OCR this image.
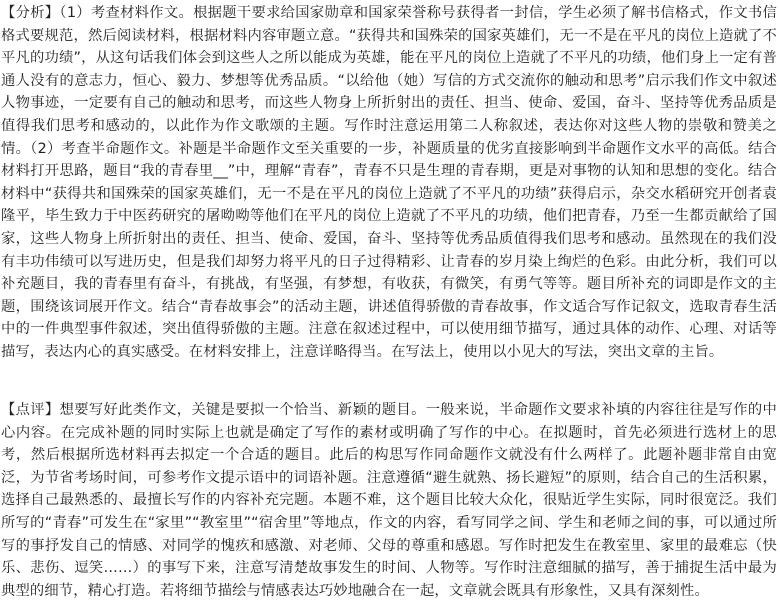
【分析】（1）考查材料作文。根据题干要求给国家勋章和国家荣誉称号获得者一封信，学生必须了解书信格式，作文书信格式要规范，然后阅读材料，根据材料内容审题立意。“获得共和国殊荣的国家英雄们，无一不是在平凡的岗位上造就了不平凡的功绩”，从这句话我们体会到这些人之所以能成为英雄，能在平凡的岗位上造就了不平凡的功绩，他们身上一定有普通人没有的意志力，恒心、毅力、梦想等优秀品质。“以给他（她）写信的方式交流你的触动和思考”启示我们作文中叙述人物事迹，一定要有自己的触动和思考，而这些人物身上所折射出的责任、担当、使命、爱国，奋斗、坚持等优秀品质是值得我们思考和感动的，以此作为作文歌颂的主题。写作时注意运用第二人称叙述，表达你对这些人物的崇敬和赞美之情。（2）考查半命题作文。补题是半命题作文至关重要的一步，补题质量的优劣直接影响到半命题作文水平的高低。结合材料打开思路，题目“我的青春里__”中，理解“青春”，青春不只是生理的青春期，更是对事物的认知和思想的变化。结合材料中“获得共和国殊荣的国家英雄们，无一不是在平凡的岗位上造就了不平凡的功绩”获得启示，杂交水稻研究开创者袁隆平，毕生致力于中医药研究的屠呦呦等他们在平凡的岗位上造就了不平凡的功绩，他们把青春，乃至一生都贡献给了国家，这些人物身上所折射出的责任、担当、使命、爱国，奋斗、坚持等优秀品质值得我们思考和感动。虽然现在的我们没有丰功伟绩可以写进历史，但是我们却努力将平凡的日子过得精彩、让青春的岁月染上绚烂的色彩。由此分析，我们可以补充题目，我的青春里有奋斗，有挑战，有坚强，有梦想，有收获，有微笑，有勇气等等。题目所补充的词即是作文的主题，围绕该词展开作文。结合“青春故事会”的活动主题，讲述值得骄傲的青春故事，作文适合写作记叙文，选取青春生活中的一件典型事件叙述，突出值得骄傲的主题。注意在叙述过程中，可以使用细节描写，通过具体的动作、心理、对话等描写，表达内心的真实感受。在材料安排上，注意详略得当。在写法上，使用以小见大的写法，突出文章的主旨。

【点评】想要写好此类作文，关键是要拟一个恰当、新颖的题目。一般来说，半命题作文要求补填的内容往往是写作的中心内容。在完成补题的同时实际上也就是确定了写作的素材或明确了写作的中心。在拟题时，首先必须进行选材上的思考，然后根据所选材料再去拟定一个合适的题目。此后的构思写作同命题作文就没有什么两样了。此题补题非常自由宽泛，为节省考场时间，可参考作文提示语中的词语补题。注意遵循“避生就熟、扬长避短”的原则，结合自己的生活积累，选择自己最熟悉的、最擅长写作的内容补充完题。本题不难，这个题目比较大众化，很贴近学生实际，同时很宽泛。我们所写的“青春”可发生在“家里”“教室里”“宿舍里”等地点，作文的内容，看写同学之间、学生和老师之间的事，可以通过所写的事抒发自己的情感、对同学的愧疚和感激、对老师、父母的尊重和感恩。写作时把发生在教室里、家里的最难忘（快乐、悲伤、逗笑……）的事写下来，注意写清楚故事发生的时间、人物等。写作时注意细腻的描写，善于捕捉生活中最为典型的细节，精心打造。若将细节描绘与情感表达巧妙地融合在一起，文章就会既具有形象性，又具有深刻性。
